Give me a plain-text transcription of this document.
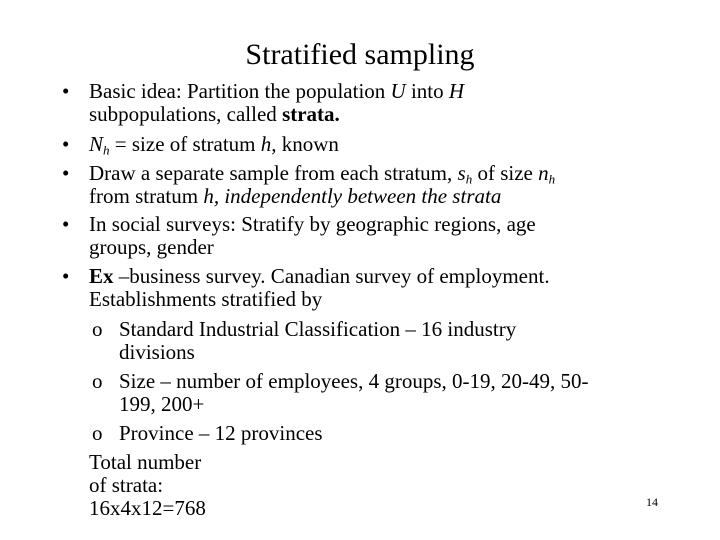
Stratified sampling
• Basic idea: Partition the population U into H
subpopulations, called strata.
• $N_h$ = size of stratum h, known
• Draw a separate sample from each stratum, $s_h$ of size $n_h$
from stratum h, independently between the strata
• In social surveys: Stratify by geographic regions, age
groups, gender
• Ex –business survey. Canadian survey of employment.
Establishments stratified by
o Standard Industrial Classification – 16 industry
divisions
o Size – number of employees, 4 groups, 0-19, 20-49, 50-
199, 200+
o Province – 12 provinces
Total number of strata: 16x4x12=768	14
